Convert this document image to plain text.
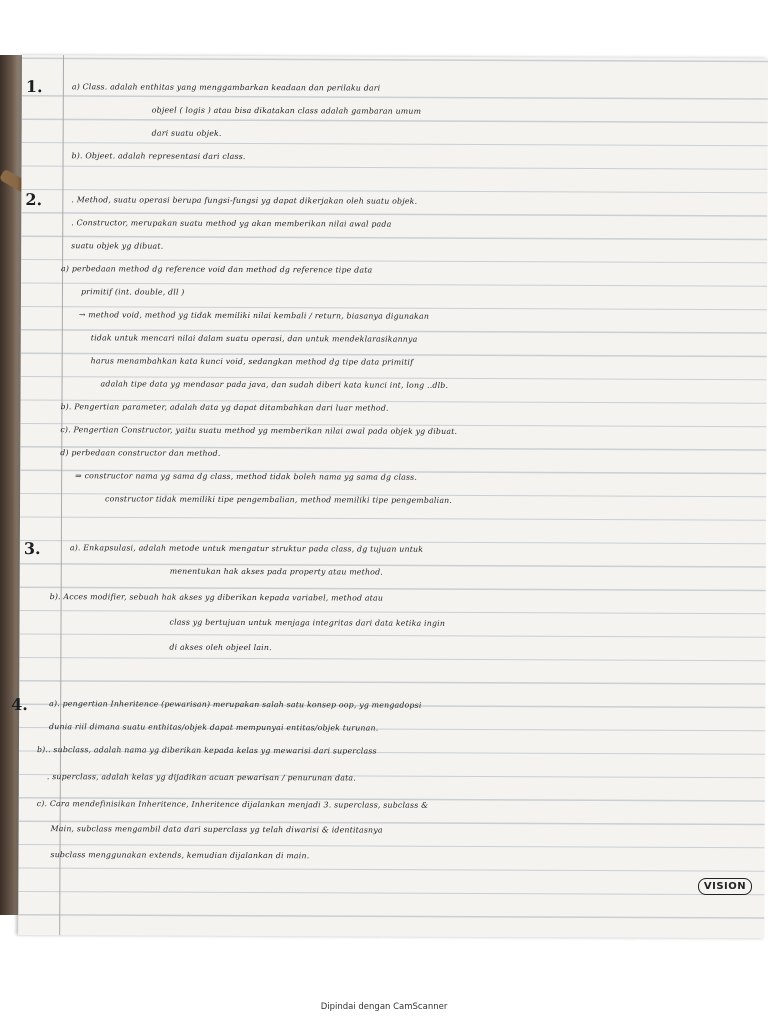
1.	a) Class. adalah enthitas yang menggambarkan keadaan dan perilaku dari
objeel ( logis ) atau bisa dikatakan class adalah gambaran umum
dari suatu objek.
b). Objeet. adalah representasi dari class.
2.	. Method, suatu operasi berupa fungsi-fungsi yg dapat dikerjakan oleh suatu objek.
. Constructor, merupakan suatu method yg akan memberikan nilai awal pada
suatu objek yg dibuat.
a) perbedaan method dg reference void dan method dg reference tipe data
primitif (int. double, dll )
→ method void, method yg tidak memiliki nilai kembali / return, biasanya digunakan
tidak untuk mencari nilai dalam suatu operasi, dan untuk mendeklarasikannya
harus menambahkan kata kunci void, sedangkan method dg tipe data primitif
adalah tipe data yg mendasar pada java, dan sudah diberi kata kunci int, long ..dlb.
b). Pengertian parameter, adalah data yg dapat ditambahkan dari luar method.
c). Pengertian Constructor, yaitu suatu method yg memberikan nilai awal pada objek yg dibuat.
d) perbedaan constructor dan method.
⇒ constructor nama yg sama dg class, method tidak boleh nama yg sama dg class.
constructor tidak memiliki tipe pengembalian, method memiliki tipe pengembalian.
3.	a). Enkapsulasi, adalah metode untuk mengatur struktur pada class, dg tujuan untuk
menentukan hak akses pada property atau method.
b). Acces modifier, sebuah hak akses yg diberikan kepada variabel, method atau
class yg bertujuan untuk menjaga integritas dari data ketika ingin
di akses oleh objeel lain.
4.	a). pengertian Inheritence (pewarisan) merupakan salah satu konsep oop, yg mengadopsi
dunia riil dimana suatu enthitas/objek dapat mempunyai entitas/objek turunan.
b).. subclass, adalah nama yg diberikan kepada kelas yg mewarisi dari superclass
. superclass, adalah kelas yg dijadikan acuan pewarisan / penurunan data.
c). Cara mendefinisikan Inheritence, Inheritence dijalankan menjadi 3. superclass, subclass &
Main, subclass mengambil data dari superclass yg telah diwarisi & identitasnya
subclass menggunakan extends, kemudian dijalankan di main.
VISION
Dipindai dengan CamScanner
